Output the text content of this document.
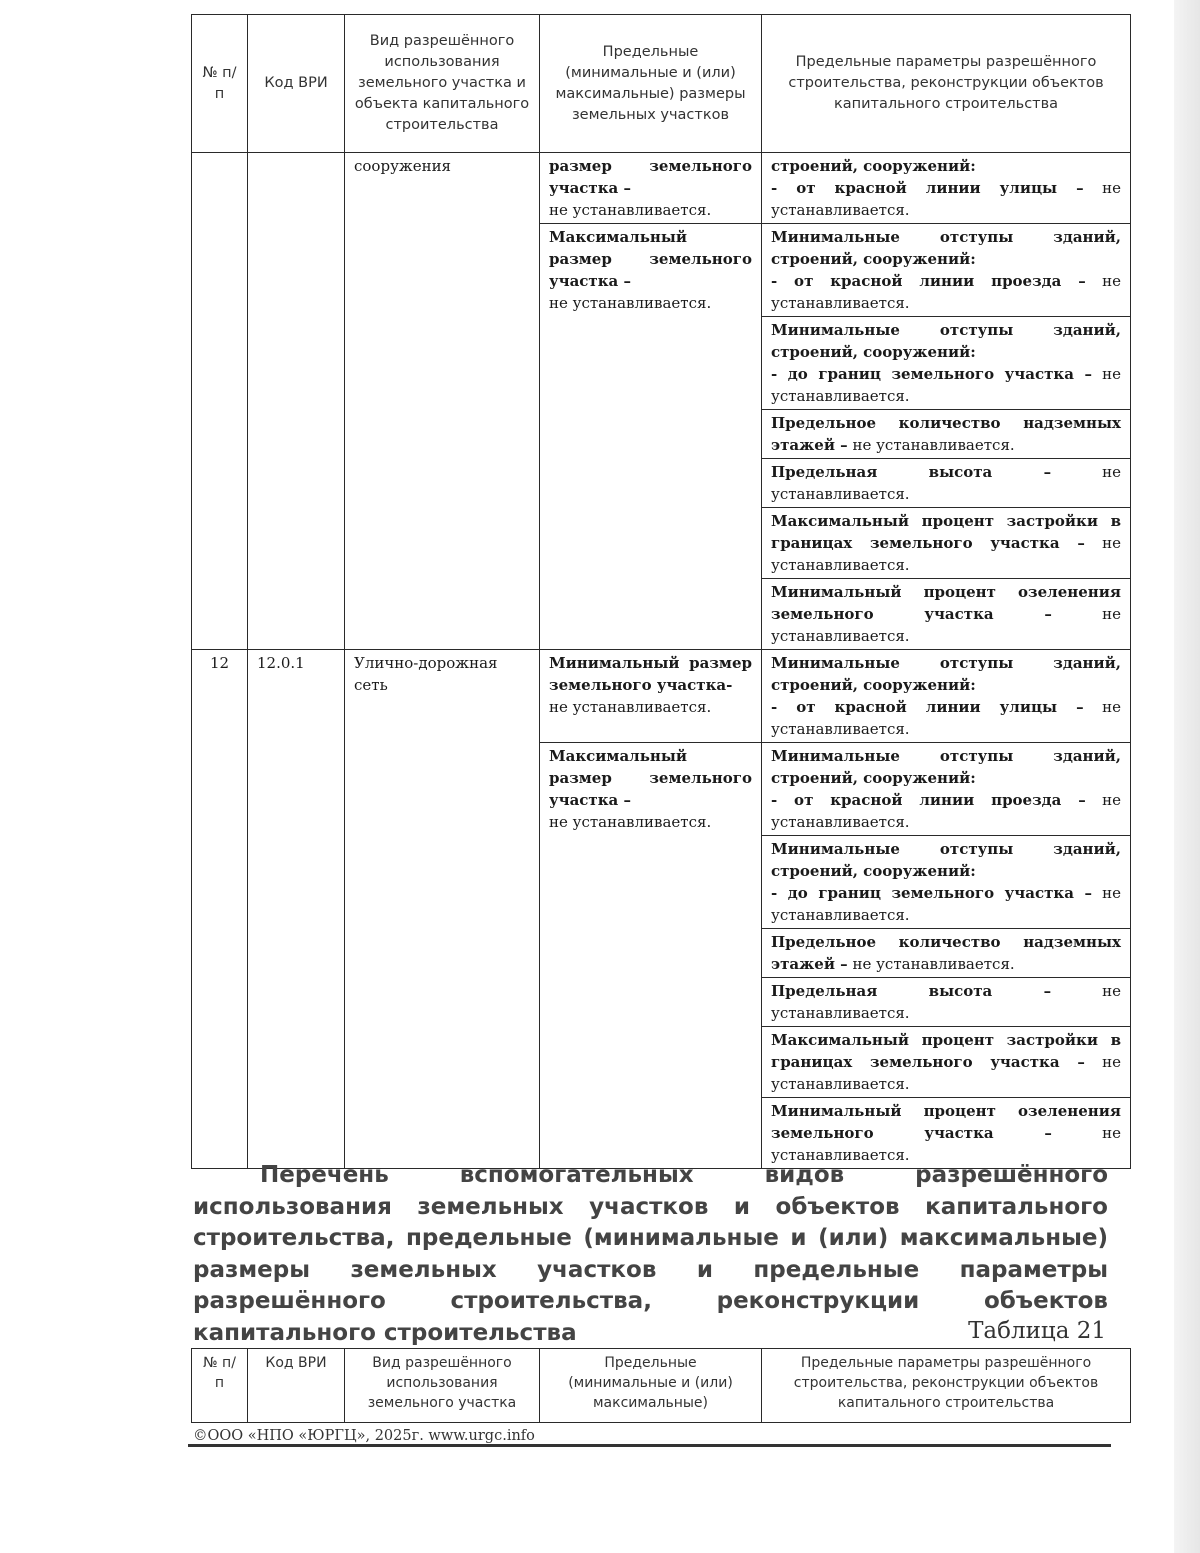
№ п/п	Код ВРИ	Вид разрешённого использования земельного участка и объекта капитального строительства	Предельные (минимальные и (или) максимальные) размеры земельных участков	Предельные параметры разрешённого строительства, реконструкции объектов капитального строительства
		сооружения	размер земельного участка –
не устанавливается.	строений, сооружений:
- от красной линии улицы – не устанавливается.
			Максимальный размер земельного участка –
не устанавливается.	Минимальные отступы зданий, строений, сооружений:
- от красной линии проезда – не устанавливается.
				Минимальные отступы зданий, строений, сооружений:
- до границ земельного участка – не устанавливается.
				Предельное количество надземных этажей – не устанавливается.
				Предельная высота – не устанавливается.
				Максимальный процент застройки в границах земельного участка – не устанавливается.
				Минимальный процент озеленения земельного участка – не устанавливается.
12	12.0.1	Улично-дорожная сеть	Минимальный размер земельного участка-
не устанавливается.	Минимальные отступы зданий, строений, сооружений:
- от красной линии улицы – не устанавливается.
			Максимальный размер земельного участка –
не устанавливается.	Минимальные отступы зданий, строений, сооружений:
- от красной линии проезда – не устанавливается.
				Минимальные отступы зданий, строений, сооружений:
- до границ земельного участка – не устанавливается.
				Предельное количество надземных этажей – не устанавливается.
				Предельная высота – не устанавливается.
				Максимальный процент застройки в границах земельного участка – не устанавливается.
				Минимальный процент озеленения земельного участка – не устанавливается.
Перечень вспомогательных видов разрешённого использования земельных участков и объектов капитального строительства, предельные (минимальные и (или) максимальные) размеры земельных участков и предельные параметры разрешённого строительства, реконструкции объектов капитального строительства	Таблица 21
№ п/п	Код ВРИ	Вид разрешённого использования земельного участка	Предельные (минимальные и (или) максимальные)	Предельные параметры разрешённого строительства, реконструкции объектов капитального строительства
©ООО «НПО «ЮРГЦ», 2025г. www.urgc.info
